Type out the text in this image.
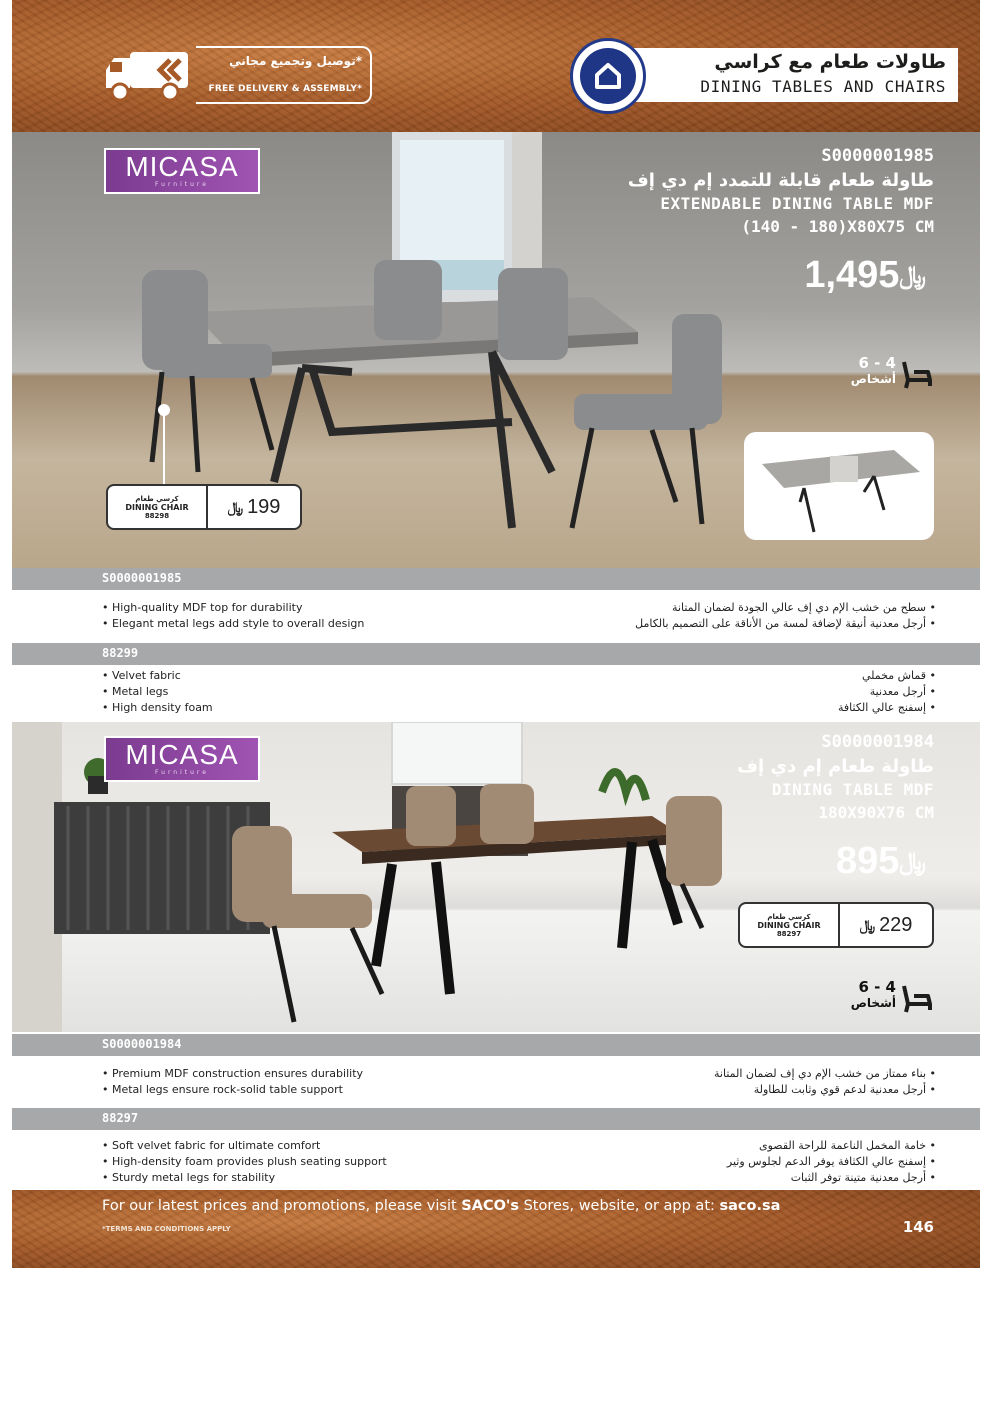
توصيل وتجميع مجاني*
FREE DELIVERY & ASSEMBLY*
طاولات طعام مع كراسي
DINING TABLES AND CHAIRS
MICASA
Furniture
S0000001985
طاولة طعام قابلة للتمدد إم دي إف
EXTENDABLE DINING TABLE MDF
(140 - 180)X80X75 CM
﷼1,495
6 - 4
أشخاص
كرسي طعام
DINING CHAIR
88298
﷼ 199
S0000001985
• High-quality MDF top for durability
• Elegant metal legs add style to overall design
• سطح من خشب الإم دي إف عالي الجودة لضمان المتانة
• أرجل معدنية أنيقة لإضافة لمسة من الأناقة على التصميم بالكامل
88299
• Velvet fabric
• Metal legs
• High density foam
• قماش مخملي
• أرجل معدنية
• إسفنج عالي الكثافة
MICASA
Furniture
S0000001984
طاولة طعام إم دي إف
DINING TABLE MDF
180X90X76 CM
﷼895
كرسي طعام
DINING CHAIR
88297
﷼ 229
6 - 4
أشخاص
S0000001984
• Premium MDF construction ensures durability
• Metal legs ensure rock-solid table support
• بناء ممتاز من خشب الإم دي إف لضمان المتانة
• أرجل معدنية لدعم قوي وثابت للطاولة
88297
• Soft velvet fabric for ultimate comfort
• High-density foam provides plush seating support
• Sturdy metal legs for stability
• خامة المخمل الناعمة للراحة القصوى
• إسفنج عالي الكثافة يوفر الدعم لجلوس وثير
• أرجل معدنية متينة توفر الثبات
For our latest prices and promotions, please visit SACO's Stores, website, or app at: saco.sa
*TERMS AND CONDITIONS APPLY	146
